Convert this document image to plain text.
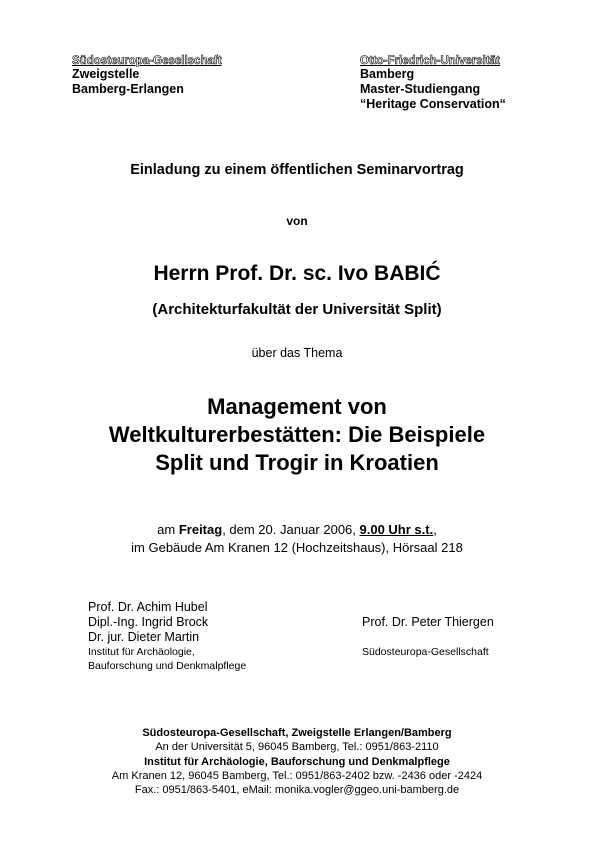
Südosteuropa-Gesellschaft
Zweigstelle
Bamberg-Erlangen
Otto-Friedrich-Universität
Bamberg
Master-Studiengang
“Heritage Conservation“
Einladung zu einem öffentlichen Seminarvortrag
von
Herrn Prof. Dr. sc. Ivo BABIĆ
(Architekturfakultät der Universität Split)
über das Thema
Management von
Weltkulturerbestätten: Die Beispiele
Split und Trogir in Kroatien
am Freitag, dem 20. Januar 2006, 9.00 Uhr s.t.,
im Gebäude Am Kranen 12 (Hochzeitshaus), Hörsaal 218
Prof. Dr. Achim Hubel
Dipl.-Ing. Ingrid Brock
Dr. jur. Dieter Martin
Institut für Archäologie,
Bauforschung und Denkmalpflege
Prof. Dr. Peter Thiergen
Südosteuropa-Gesellschaft
Südosteuropa-Gesellschaft, Zweigstelle Erlangen/Bamberg
An der Universität 5, 96045 Bamberg, Tel.: 0951/863-2110
Institut für Archäologie, Bauforschung und Denkmalpflege
Am Kranen 12, 96045 Bamberg, Tel.: 0951/863-2402 bzw. -2436 oder -2424
Fax.: 0951/863-5401, eMail: monika.vogler@ggeo.uni-bamberg.de
